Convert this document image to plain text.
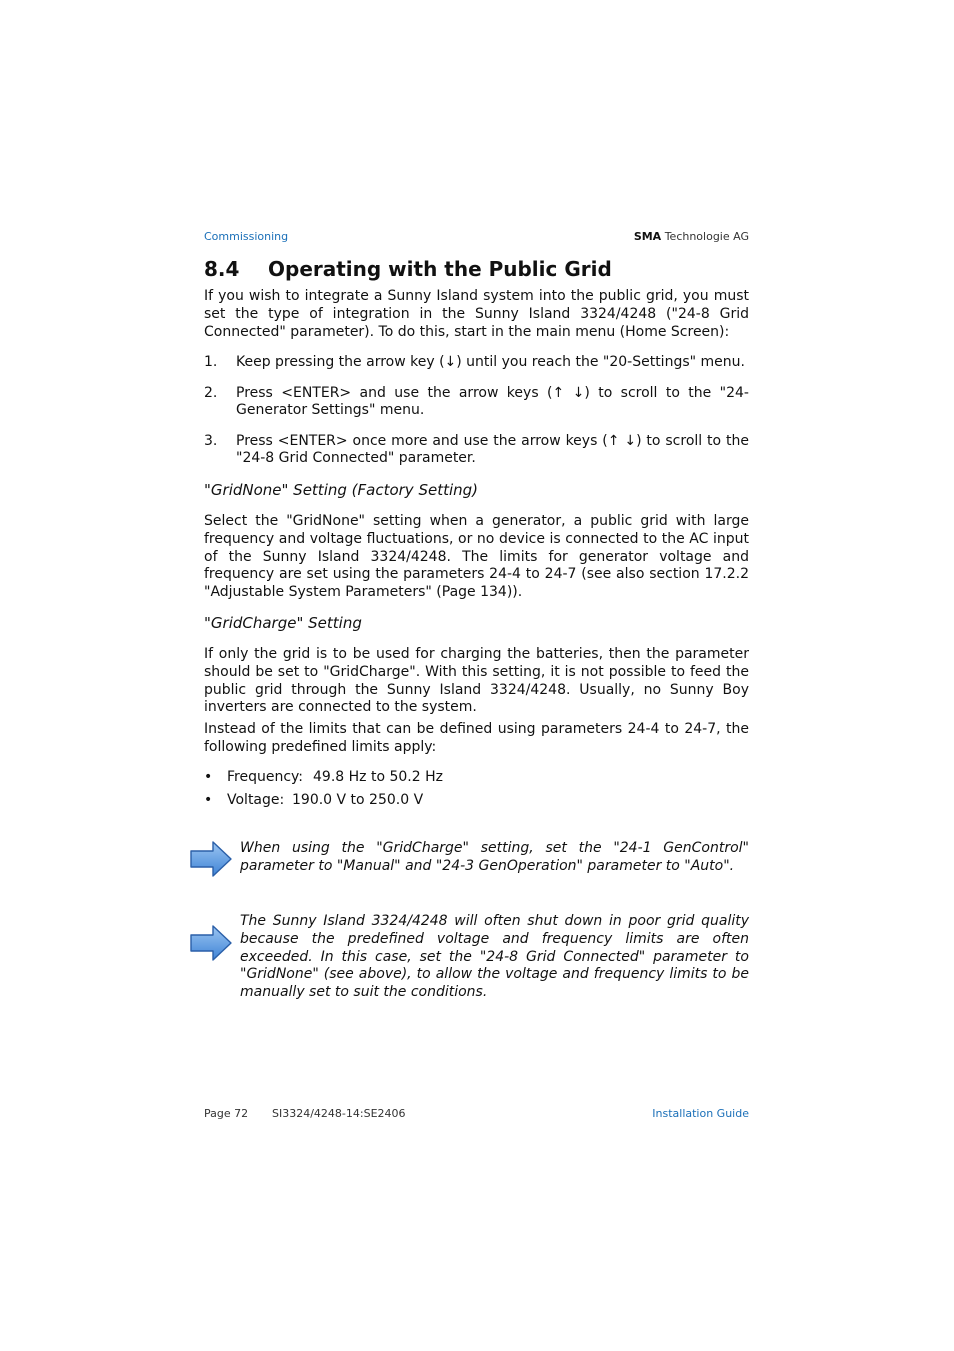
Commissioning	SMA Technologie AG
8.4 Operating with the Public Grid
If you wish to integrate a Sunny Island system into the public grid, you must set the type of integration in the Sunny Island 3324/4248 ("24-8 Grid Connected" parameter). To do this, start in the main menu (Home Screen):
1. Keep pressing the arrow key (↓) until you reach the "20-Settings" menu.
2. Press <ENTER> and use the arrow keys (↑ ↓) to scroll to the "24-Generator Settings" menu.
3. Press <ENTER> once more and use the arrow keys (↑ ↓) to scroll to the "24-8 Grid Connected" parameter.
"GridNone" Setting (Factory Setting)
Select the "GridNone" setting when a generator, a public grid with large frequency and voltage fluctuations, or no device is connected to the AC input of the Sunny Island 3324/4248. The limits for generator voltage and frequency are set using the parameters 24-4 to 24-7 (see also section 17.2.2 "Adjustable System Parameters" (Page 134)).
"GridCharge" Setting
If only the grid is to be used for charging the batteries, then the parameter should be set to "GridCharge". With this setting, it is not possible to feed the public grid through the Sunny Island 3324/4248. Usually, no Sunny Boy inverters are connected to the system.
Instead of the limits that can be defined using parameters 24-4 to 24-7, the following predefined limits apply:
• Frequency: 49.8 Hz to 50.2 Hz
• Voltage: 190.0 V to 250.0 V
When using the "GridCharge" setting, set the "24-1 GenControl" parameter to "Manual" and "24-3 GenOperation" parameter to "Auto".
The Sunny Island 3324/4248 will often shut down in poor grid quality because the predefined voltage and frequency limits are often exceeded. In this case, set the "24-8 Grid Connected" parameter to "GridNone" (see above), to allow the voltage and frequency limits to be manually set to suit the conditions.
Page 72 SI3324/4248-14:SE2406	Installation Guide
